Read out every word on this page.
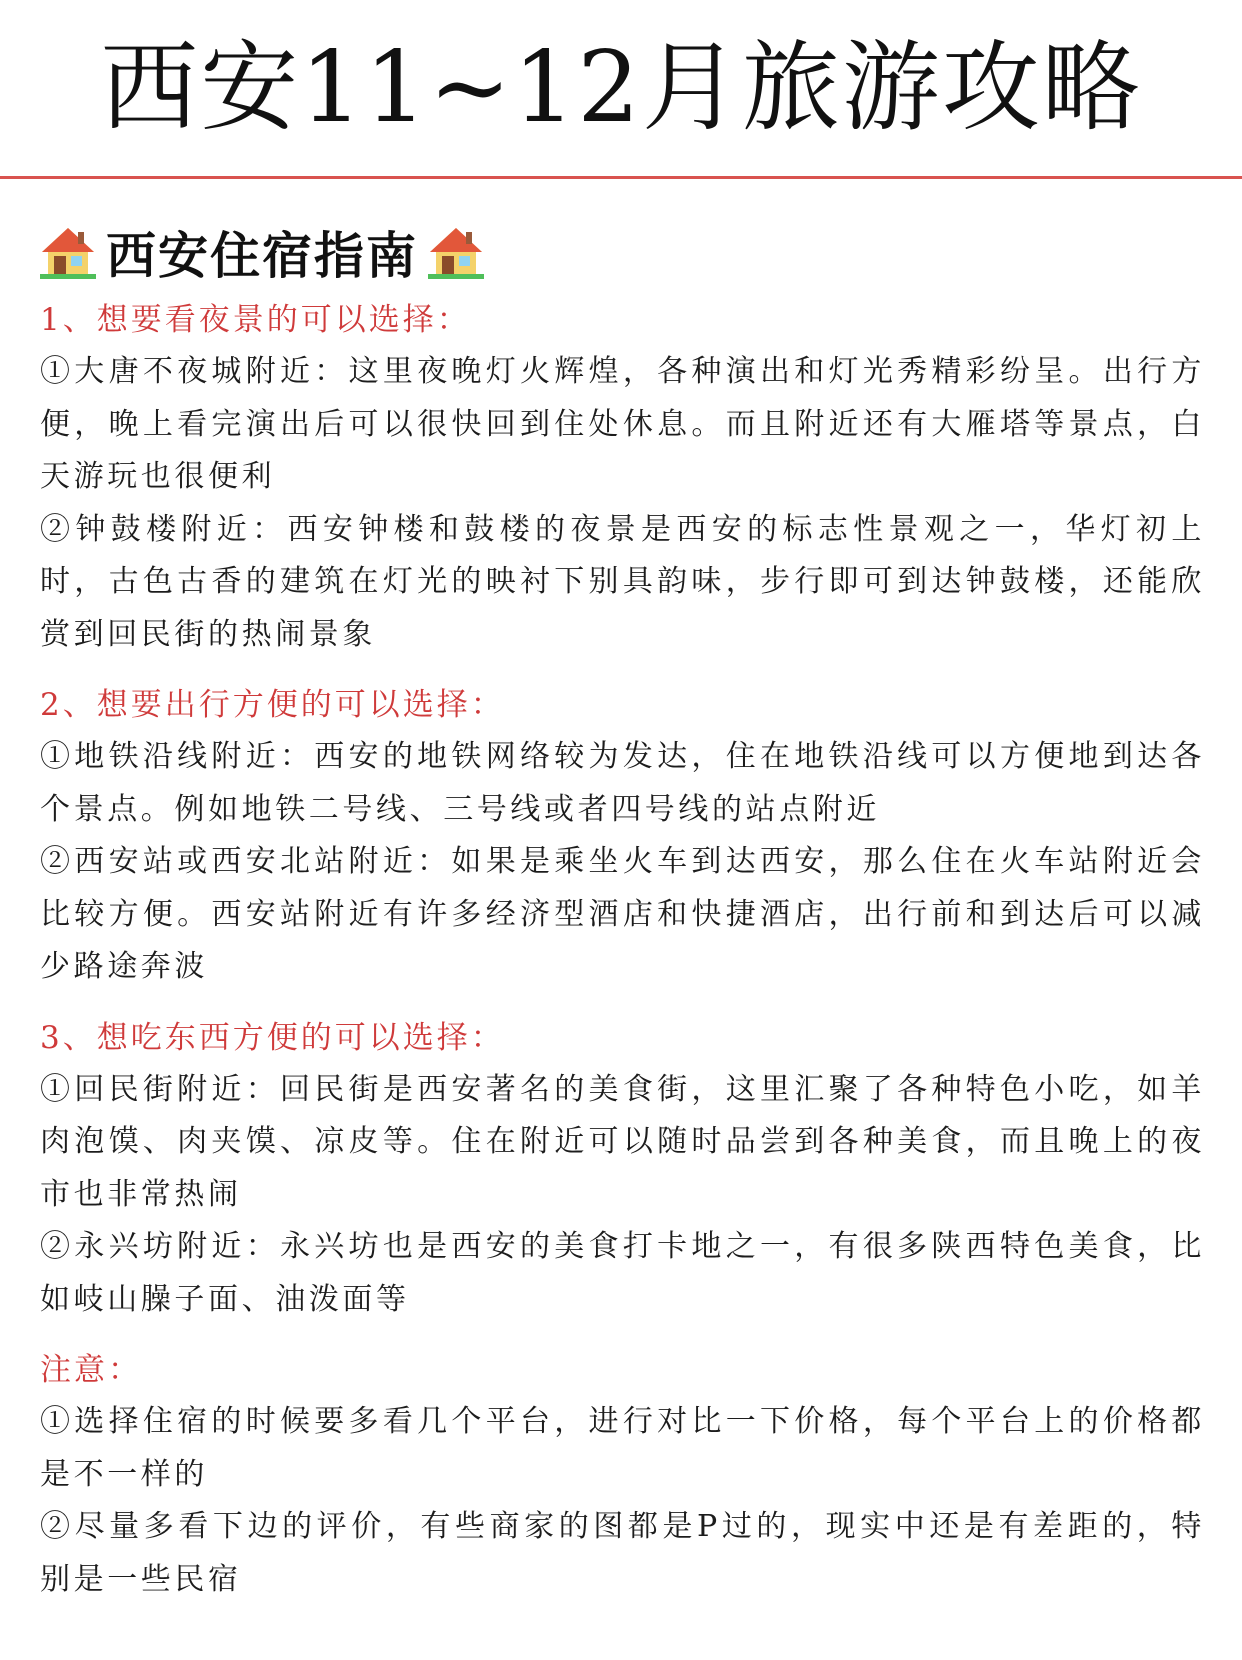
西安11~12月旅游攻略
西安住宿指南

1、想要看夜景的可以选择：

①大唐不夜城附近：这里夜晚灯火辉煌，各种演出和灯光秀精彩纷呈。出行方便，晚上看完演出后可以很快回到住处休息。而且附近还有大雁塔等景点，白天游玩也很便利

②钟鼓楼附近：西安钟楼和鼓楼的夜景是西安的标志性景观之一，华灯初上时，古色古香的建筑在灯光的映衬下别具韵味，步行即可到达钟鼓楼，还能欣赏到回民街的热闹景象

2、想要出行方便的可以选择：

①地铁沿线附近：西安的地铁网络较为发达，住在地铁沿线可以方便地到达各个景点。例如地铁二号线、三号线或者四号线的站点附近

②西安站或西安北站附近：如果是乘坐火车到达西安，那么住在火车站附近会比较方便。西安站附近有许多经济型酒店和快捷酒店，出行前和到达后可以减少路途奔波

3、想吃东西方便的可以选择：

①回民街附近：回民街是西安著名的美食街，这里汇聚了各种特色小吃，如羊肉泡馍、肉夹馍、凉皮等。住在附近可以随时品尝到各种美食，而且晚上的夜市也非常热闹

②永兴坊附近：永兴坊也是西安的美食打卡地之一，有很多陕西特色美食，比如岐山臊子面、油泼面等

注意：

①选择住宿的时候要多看几个平台，进行对比一下价格，每个平台上的价格都是不一样的

②尽量多看下边的评价，有些商家的图都是P过的，现实中还是有差距的，特别是一些民宿
